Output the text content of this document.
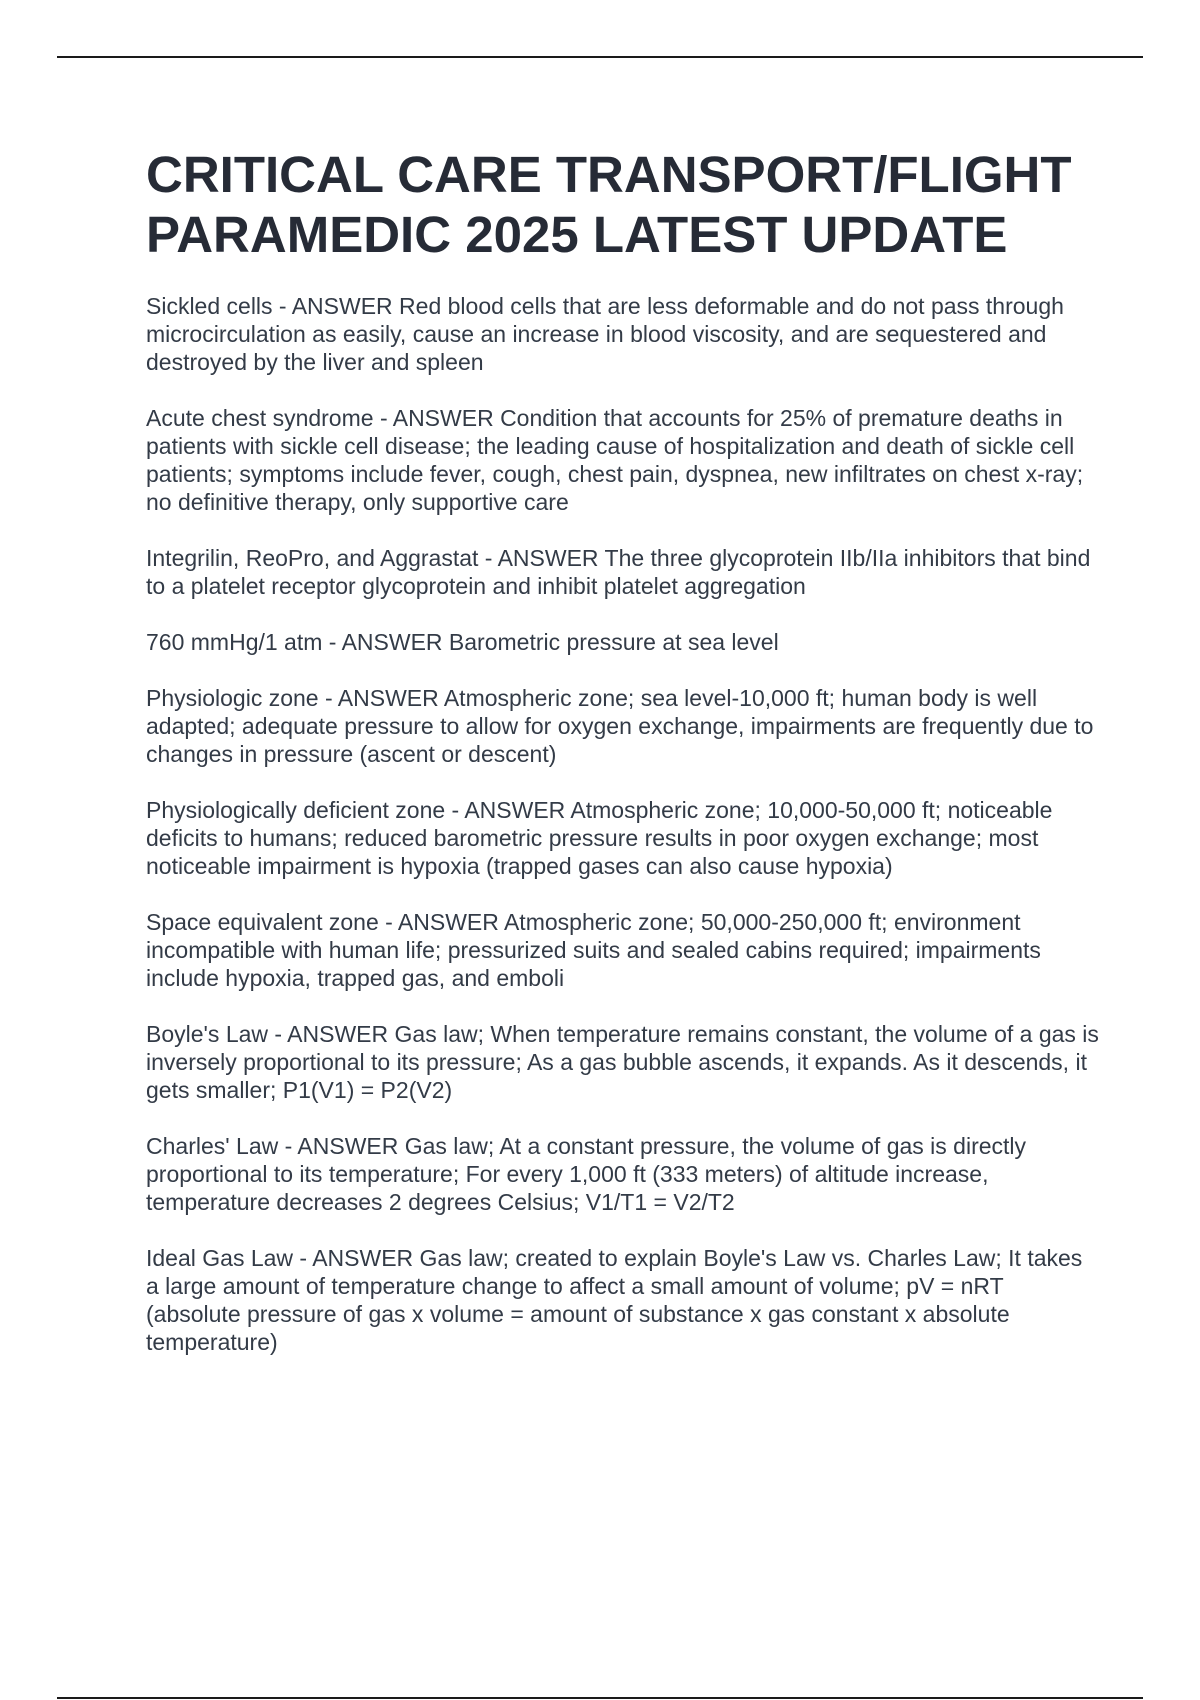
CRITICAL CARE TRANSPORT/FLIGHT PARAMEDIC 2025 LATEST UPDATE
Sickled cells - ANSWER Red blood cells that are less deformable and do not pass through microcirculation as easily, cause an increase in blood viscosity, and are sequestered and destroyed by the liver and spleen
Acute chest syndrome - ANSWER Condition that accounts for 25% of premature deaths in patients with sickle cell disease; the leading cause of hospitalization and death of sickle cell patients; symptoms include fever, cough, chest pain, dyspnea, new infiltrates on chest x-ray; no definitive therapy, only supportive care
Integrilin, ReoPro, and Aggrastat - ANSWER The three glycoprotein IIb/IIa inhibitors that bind to a platelet receptor glycoprotein and inhibit platelet aggregation
760 mmHg/1 atm - ANSWER Barometric pressure at sea level
Physiologic zone - ANSWER Atmospheric zone; sea level-10,000 ft; human body is well adapted; adequate pressure to allow for oxygen exchange, impairments are frequently due to changes in pressure (ascent or descent)
Physiologically deficient zone - ANSWER Atmospheric zone; 10,000-50,000 ft; noticeable deficits to humans; reduced barometric pressure results in poor oxygen exchange; most noticeable impairment is hypoxia (trapped gases can also cause hypoxia)
Space equivalent zone - ANSWER Atmospheric zone; 50,000-250,000 ft; environment incompatible with human life; pressurized suits and sealed cabins required; impairments include hypoxia, trapped gas, and emboli
Boyle's Law - ANSWER Gas law; When temperature remains constant, the volume of a gas is inversely proportional to its pressure; As a gas bubble ascends, it expands. As it descends, it gets smaller; P1(V1) = P2(V2)
Charles' Law - ANSWER Gas law; At a constant pressure, the volume of gas is directly proportional to its temperature; For every 1,000 ft (333 meters) of altitude increase, temperature decreases 2 degrees Celsius; V1/T1 = V2/T2
Ideal Gas Law - ANSWER Gas law; created to explain Boyle's Law vs. Charles Law; It takes a large amount of temperature change to affect a small amount of volume; pV = nRT (absolute pressure of gas x volume = amount of substance x gas constant x absolute temperature)
